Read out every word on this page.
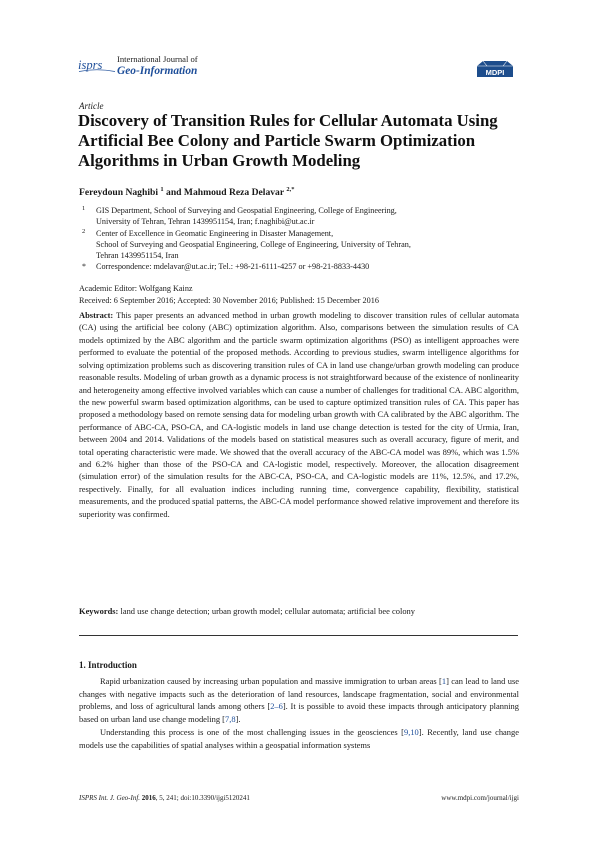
isprs International Journal of
Geo-Information	MDPI
Article
Discovery of Transition Rules for Cellular Automata Using Artificial Bee Colony and Particle Swarm Optimization Algorithms in Urban Growth Modeling
Fereydoun Naghibi $^1$ and Mahmoud Reza Delavar $^{2,*}$
1 GIS Department, School of Surveying and Geospatial Engineering, College of Engineering,
University of Tehran, Tehran 1439951154, Iran; f.naghibi@ut.ac.ir
2 Center of Excellence in Geomatic Engineering in Disaster Management,
School of Surveying and Geospatial Engineering, College of Engineering, University of Tehran,
Tehran 1439951154, Iran
* Correspondence: mdelavar@ut.ac.ir; Tel.: +98-21-6111-4257 or +98-21-8833-4430
Academic Editor: Wolfgang Kainz
Received: 6 September 2016; Accepted: 30 November 2016; Published: 15 December 2016

Abstract: This paper presents an advanced method in urban growth modeling to discover transition rules of cellular automata (CA) using the artificial bee colony (ABC) optimization algorithm. Also, comparisons between the simulation results of CA models optimized by the ABC algorithm and the particle swarm optimization algorithms (PSO) as intelligent approaches were performed to evaluate the potential of the proposed methods. According to previous studies, swarm intelligence algorithms for solving optimization problems such as discovering transition rules of CA in land use change/urban growth modeling can produce reasonable results. Modeling of urban growth as a dynamic process is not straightforward because of the existence of nonlinearity and heterogeneity among effective involved variables which can cause a number of challenges for traditional CA. ABC algorithm, the new powerful swarm based optimization algorithms, can be used to capture optimized transition rules of CA. This paper has proposed a methodology based on remote sensing data for modeling urban growth with CA calibrated by the ABC algorithm. The performance of ABC-CA, PSO-CA, and CA-logistic models in land use change detection is tested for the city of Urmia, Iran, between 2004 and 2014. Validations of the models based on statistical measures such as overall accuracy, figure of merit, and total operating characteristic were made. We showed that the overall accuracy of the ABC-CA model was 89%, which was 1.5% and 6.2% higher than those of the PSO-CA and CA-logistic model, respectively. Moreover, the allocation disagreement (simulation error) of the simulation results for the ABC-CA, PSO-CA, and CA-logistic models are 11%, 12.5%, and 17.2%, respectively. Finally, for all evaluation indices including running time, convergence capability, flexibility, statistical measurements, and the produced spatial patterns, the ABC-CA model performance showed relative improvement and therefore its superiority was confirmed.

Keywords: land use change detection; urban growth model; cellular automata; artificial bee colony
1. Introduction

Rapid urbanization caused by increasing urban population and massive immigration to urban areas [1] can lead to land use changes with negative impacts such as the deterioration of land resources, landscape fragmentation, social and environmental problems, and loss of agricultural lands among others [2–6]. It is possible to avoid these impacts through anticipatory planning based on urban land use change modeling [7,8].

Understanding this process is one of the most challenging issues in the geosciences [9,10]. Recently, land use change models use the capabilities of spatial analyses within a geospatial information systems

ISPRS Int. J. Geo-Inf. 2016, 5, 241; doi:10.3390/ijgi5120241	www.mdpi.com/journal/ijgi
